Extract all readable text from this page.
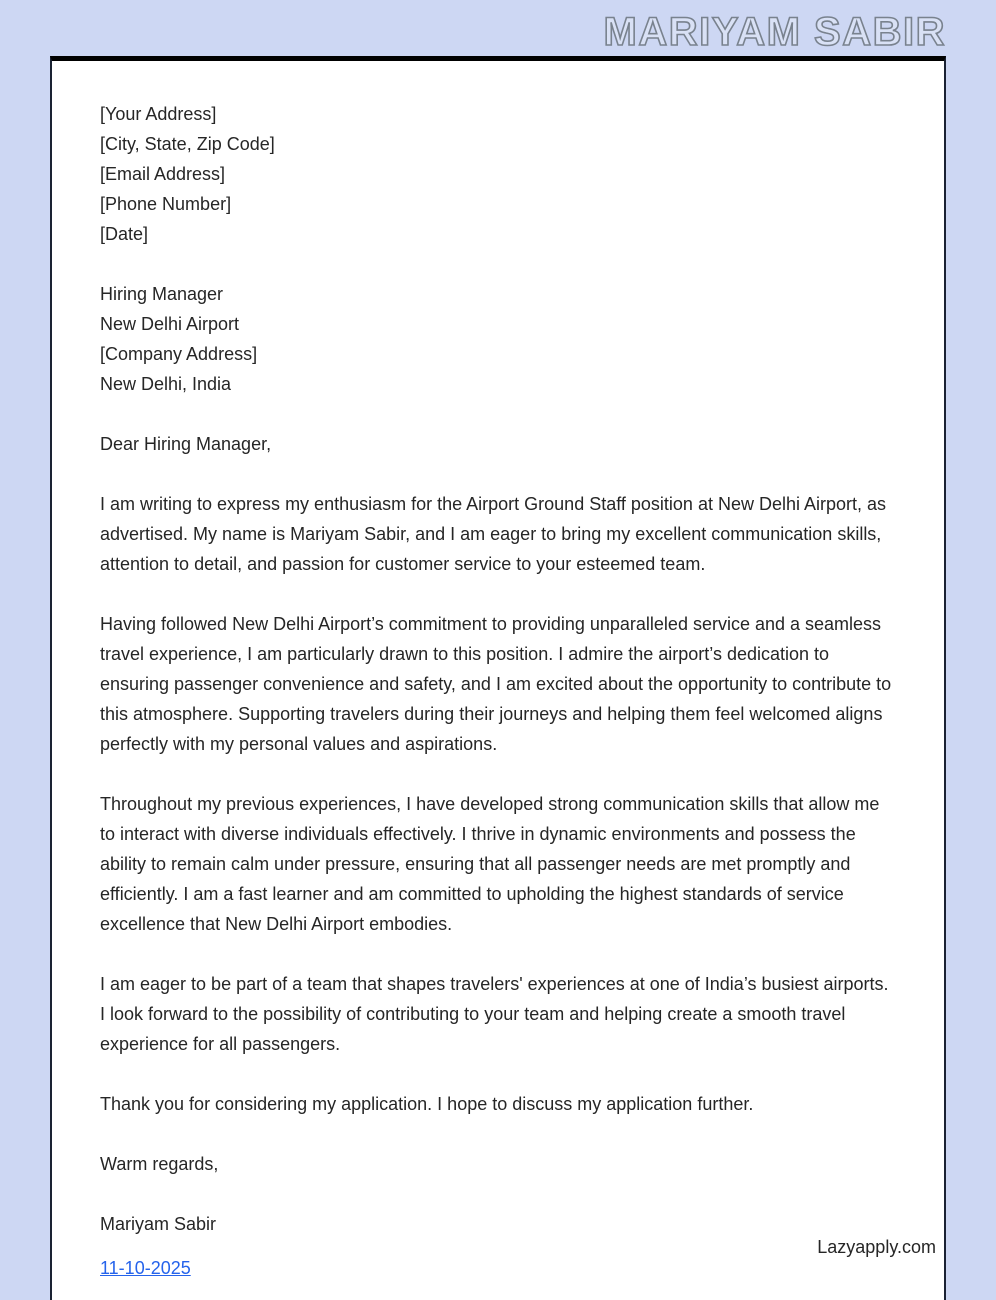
MARIYAM SABIR
[Your Address]
[City, State, Zip Code]
[Email Address]
[Phone Number]
[Date]
Hiring Manager
New Delhi Airport
[Company Address]
New Delhi, India

Dear Hiring Manager,

I am writing to express my enthusiasm for the Airport Ground Staff position at New Delhi Airport, as advertised. My name is Mariyam Sabir, and I am eager to bring my excellent communication skills, attention to detail, and passion for customer service to your esteemed team.

Having followed New Delhi Airport’s commitment to providing unparalleled service and a seamless travel experience, I am particularly drawn to this position. I admire the airport’s dedication to ensuring passenger convenience and safety, and I am excited about the opportunity to contribute to this atmosphere. Supporting travelers during their journeys and helping them feel welcomed aligns perfectly with my personal values and aspirations.

Throughout my previous experiences, I have developed strong communication skills that allow me to interact with diverse individuals effectively. I thrive in dynamic environments and possess the ability to remain calm under pressure, ensuring that all passenger needs are met promptly and efficiently. I am a fast learner and am committed to upholding the highest standards of service excellence that New Delhi Airport embodies.

I am eager to be part of a team that shapes travelers' experiences at one of India’s busiest airports. I look forward to the possibility of contributing to your team and helping create a smooth travel experience for all passengers.

Thank you for considering my application. I hope to discuss my application further.

Warm regards,

Mariyam Sabir

11-10-2025
Lazyapply.com
